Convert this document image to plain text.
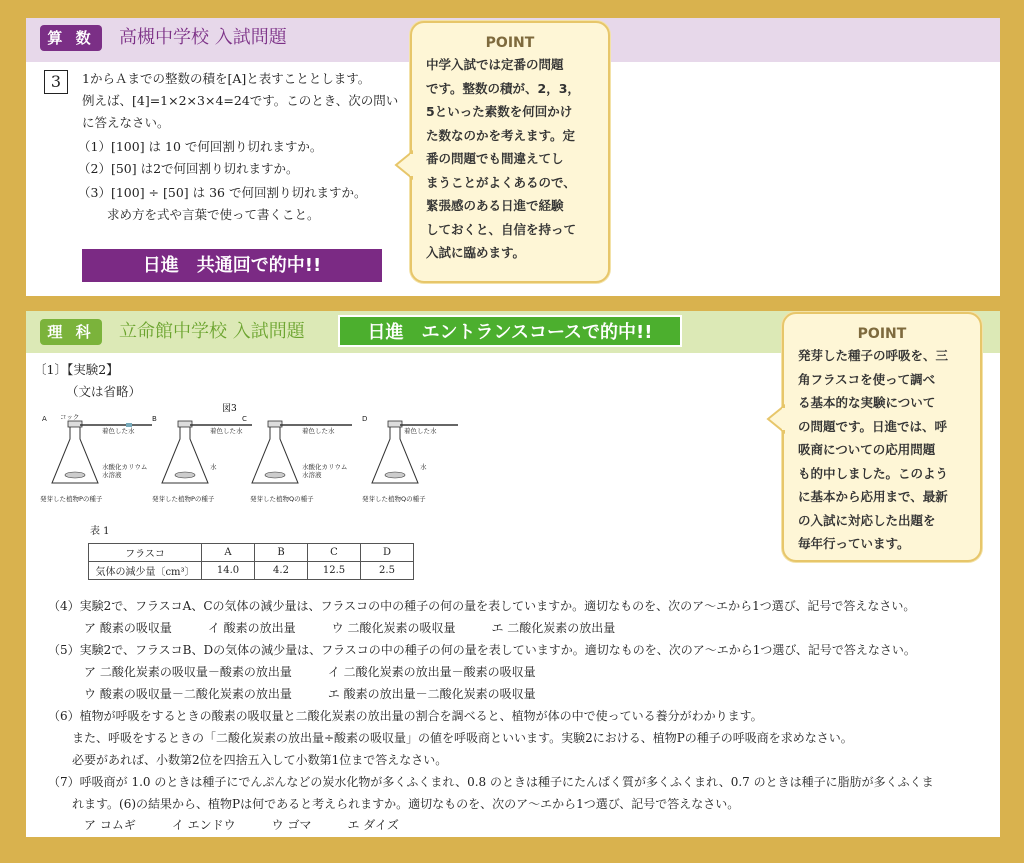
算 数	高槻中学校 入試問題
3	1からＡまでの整数の積を[A]と表すこととします。
例えば、[4]=1×2×3×4=24です。このとき、次の問い
に答えなさい。
（1）[100] は 10 で何回割り切れますか。
（2）[50] は2で何回割り切れますか。
（3）[100] ÷ [50] は 36 で何回割り切れますか。
　　 求め方を式や言葉で使って書くこと。
日進　共通回で的中!!
POINT
中学入試では定番の問題
です。整数の積が、2，3，
5といった素数を何回かけ
た数なのかを考えます。定
番の問題でも間違えてし
まうことがよくあるので、
緊張感のある日進で経験
しておくと、自信を持って
入試に臨めます。
理 科	立命館中学校 入試問題	日進　エントランスコースで的中!!
〔1〕【実験2】
（文は省略）
図3
A コック
着色した水
水酸化カリウム
水溶液
発芽した植物Pの種子
B
着色した水
水
発芽した植物Pの種子
C
着色した水
水酸化カリウム
水溶液
発芽した植物Qの種子
D
着色した水
水
発芽した植物Qの種子
表 1
フラスコ	A	B	C	D
気体の減少量〔cm³〕	14.0	4.2	12.5	2.5
（4）実験2で、フラスコA、Cの気体の減少量は、フラスコの中の種子の何の量を表していますか。適切なものを、次のア～エから1つ選び、記号で答えなさい。
　　　ア 酸素の吸収量　　　イ 酸素の放出量　　　ウ 二酸化炭素の吸収量　　　エ 二酸化炭素の放出量
（5）実験2で、フラスコB、Dの気体の減少量は、フラスコの中の種子の何の量を表していますか。適切なものを、次のア～エから1つ選び、記号で答えなさい。
　　　ア 二酸化炭素の吸収量－酸素の放出量　　　イ 二酸化炭素の放出量－酸素の吸収量
　　　ウ 酸素の吸収量－二酸化炭素の放出量　　　エ 酸素の放出量－二酸化炭素の吸収量
（6）植物が呼吸をするときの酸素の吸収量と二酸化炭素の放出量の割合を調べると、植物が体の中で使っている養分がわかります。
　　また、呼吸をするときの「二酸化炭素の放出量÷酸素の吸収量」の値を呼吸商といいます。実験2における、植物Pの種子の呼吸商を求めなさい。
　　必要があれば、小数第2位を四捨五入して小数第1位まで答えなさい。
（7）呼吸商が 1.0 のときは種子にでんぷんなどの炭水化物が多くふくまれ、0.8 のときは種子にたんぱく質が多くふくまれ、0.7 のときは種子に脂肪が多くふくま
　　れます。(6)の結果から、植物Pは何であると考えられますか。適切なものを、次のア～エから1つ選び、記号で答えなさい。
　　　ア コムギ　　　イ エンドウ　　　ウ ゴマ　　　エ ダイズ
POINT
発芽した種子の呼吸を、三
角フラスコを使って調べ
る基本的な実験について
の問題です。日進では、呼
吸商についての応用問題
も的中しました。このよう
に基本から応用まで、最新
の入試に対応した出題を
毎年行っています。
